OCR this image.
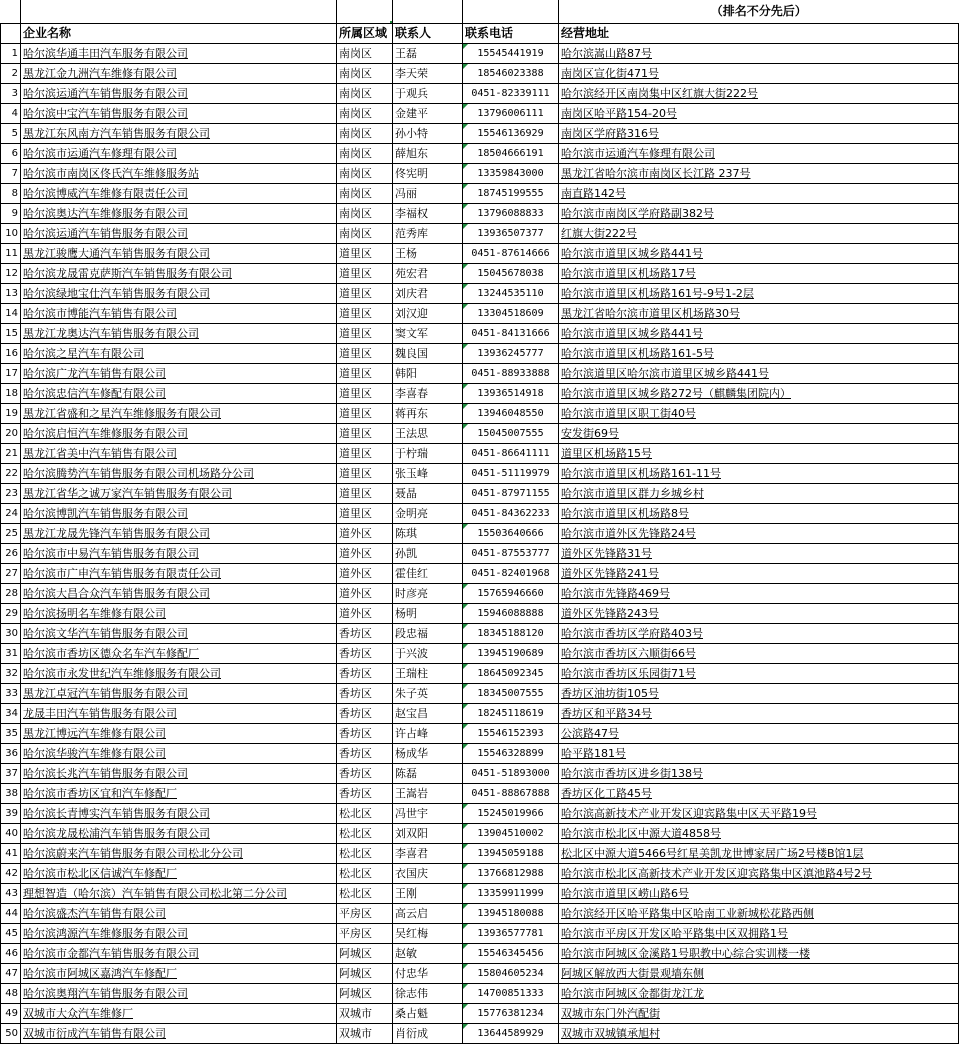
					（排名不分先后）
	企业名称	所属区域	联系人	联系电话	经营地址
1	哈尔滨华通丰田汽车服务有限公司	南岗区	王磊	15545441919	哈尔滨嵩山路87号
2	黑龙江金九洲汽车维修有限公司	南岗区	李天荣	18546023388	南岗区宣化街471号
3	哈尔滨运通汽车销售服务有限公司	南岗区	于观兵	0451-82339111	哈尔滨经开区南岗集中区红旗大街222号
4	哈尔滨中宝汽车销售服务有限公司	南岗区	金建平	13796006111	南岗区哈平路154-20号
5	黑龙江东风南方汽车销售服务有限公司	南岗区	孙小特	15546136929	南岗区学府路316号
6	哈尔滨市运通汽车修理有限公司	南岗区	薛旭东	18504666191	哈尔滨市运通汽车修理有限公司
7	哈尔滨市南岗区佟氏汽车维修服务站	南岗区	佟宪明	13359843000	黑龙江省哈尔滨市南岗区长江路 237号
8	哈尔滨博威汽车维修有限责任公司	南岗区	冯丽	18745199555	南直路142号
9	哈尔滨奥达汽车维修服务有限公司	南岗区	李福权	13796088833	哈尔滨市南岗区学府路副382号
10	哈尔滨运通汽车销售服务有限公司	南岗区	范秀库	13936507377	红旗大街222号
11	黑龙江骏鹰大通汽车销售服务有限公司	道里区	王杨	0451-87614666	哈尔滨市道里区城乡路441号
12	哈尔滨龙晟雷克萨斯汽车销售服务有限公司	道里区	苑宏君	15045678038	哈尔滨市道里区机场路17号
13	哈尔滨绿地宝仕汽车销售服务有限公司	道里区	刘庆君	13244535110	哈尔滨市道里区机场路161号-9号1-2层
14	哈尔滨市博能汽车销售有限公司	道里区	刘汉迎	13304518609	黑龙江省哈尔滨市道里区机场路30号
15	黑龙江龙奥达汽车销售服务有限公司	道里区	窦文军	0451-84131666	哈尔滨市道里区城乡路441号
16	哈尔滨之星汽车有限公司	道里区	魏良国	13936245777	哈尔滨市道里区机场路161-5号
17	哈尔滨广龙汽车销售有限公司	道里区	韩阳	0451-88933888	哈尔滨道里区哈尔滨市道里区城乡路441号
18	哈尔滨忠信汽车修配有限公司	道里区	李喜春	13936514918	哈尔滨市道里区城乡路272号（麒麟集团院内）
19	黑龙江省盛和之星汽车维修服务有限公司	道里区	蒋再东	13946048550	哈尔滨市道里区职工街40号
20	哈尔滨启恒汽车维修服务有限公司	道里区	王法思	15045007555	安发街69号
21	黑龙江省美中汽车销售有限公司	道里区	于柠瑞	0451-86641111	道里区机场路15号
22	哈尔滨腾势汽车销售服务有限公司机场路分公司	道里区	张玉峰	0451-51119979	哈尔滨市道里区机场路161-11号
23	黑龙江省华之诚万家汽车销售服务有限公司	道里区	聂晶	0451-87971155	哈尔滨市道里区群力乡城乡村
24	哈尔滨博凯汽车销售服务有限公司	道里区	金明亮	0451-84362233	哈尔滨市道里区机场路8号
25	黑龙江龙晟先锋汽车销售服务有限公司	道外区	陈琪	15503640666	哈尔滨市道外区先锋路24号
26	哈尔滨市中易汽车销售服务有限公司	道外区	孙凯	0451-87553777	道外区先锋路31号
27	哈尔滨市广申汽车销售服务有限责任公司	道外区	霍佳红	0451-82401968	道外区先锋路241号
28	哈尔滨大昌合众汽车销售服务有限公司	道外区	时彦亮	15765946660	哈尔滨市先锋路469号
29	哈尔滨扬明名车维修有限公司	道外区	杨明	15946088888	道外区先锋路243号
30	哈尔滨文华汽车销售服务有限公司	香坊区	段忠福	18345188120	哈尔滨市香坊区学府路403号
31	哈尔滨市香坊区德众名车汽车修配厂	香坊区	于兴波	13945190689	哈尔滨市香坊区六顺街66号
32	哈尔滨市永发世纪汽车维修服务有限公司	香坊区	王瑞柱	18645092345	哈尔滨市香坊区乐园街71号
33	黑龙江卓冠汽车销售服务有限公司	香坊区	朱子英	18345007555	香坊区油坊街105号
34	龙晟丰田汽车销售服务有限公司	香坊区	赵宝昌	18245118619	香坊区和平路34号
35	黑龙江博远汽车维修有限公司	香坊区	许占峰	15546152393	公滨路47号
36	哈尔滨华骏汽车维修有限公司	香坊区	杨成华	15546328899	哈平路181号
37	哈尔滨长兆汽车销售服务有限公司	香坊区	陈磊	0451-51893000	哈尔滨市香坊区进乡街138号
38	哈尔滨市香坊区宜和汽车修配厂	香坊区	王嵩岩	0451-88867888	香坊区化工路45号
39	哈尔滨长青博实汽车销售服务有限公司	松北区	冯世宇	15245019966	哈尔滨高新技术产业开发区迎宾路集中区天平路19号
40	哈尔滨龙晟松浦汽车销售服务有限公司	松北区	刘双阳	13904510002	哈尔滨市松北区中源大道4858号
41	哈尔滨蔚来汽车销售服务有限公司松北分公司	松北区	李喜君	13945059188	松北区中源大道5466号红星美凯龙世博家居广场2号楼B馆1层
42	哈尔滨市松北区信诚汽车修配厂	松北区	衣国庆	13766812988	哈尔滨市松北区高新技术产业开发区迎宾路集中区滇池路4号2号
43	理想智造（哈尔滨）汽车销售有限公司松北第二分公司	松北区	王刚	13359911999	哈尔滨市道里区崂山路6号
44	哈尔滨盛杰汽车销售有限公司	平房区	高云启	13945180088	哈尔滨经开区哈平路集中区哈南工业新城松花路西侧
45	哈尔滨鸿源汽车维修服务有限公司	平房区	吴红梅	13936577781	哈尔滨市平房区开发区哈平路集中区双拥路1号
46	哈尔滨市金都汽车销售服务有限公司	阿城区	赵敏	15546345456	哈尔滨市阿城区金溪路1号职教中心综合实训楼一楼
47	哈尔滨市阿城区嘉鸿汽车修配厂	阿城区	付忠华	15804605234	阿城区解放西大街景观墙东侧
48	哈尔滨奥翔汽车销售服务有限公司	阿城区	徐志伟	14700851333	哈尔滨市阿城区金都街龙江龙
49	双城市大众汽车维修厂	双城市	桑占魁	15776381234	双城市东门外汽配街
50	双城市衍成汽车销售有限公司	双城市	肖衍成	13644589929	双城市双城镇承旭村
